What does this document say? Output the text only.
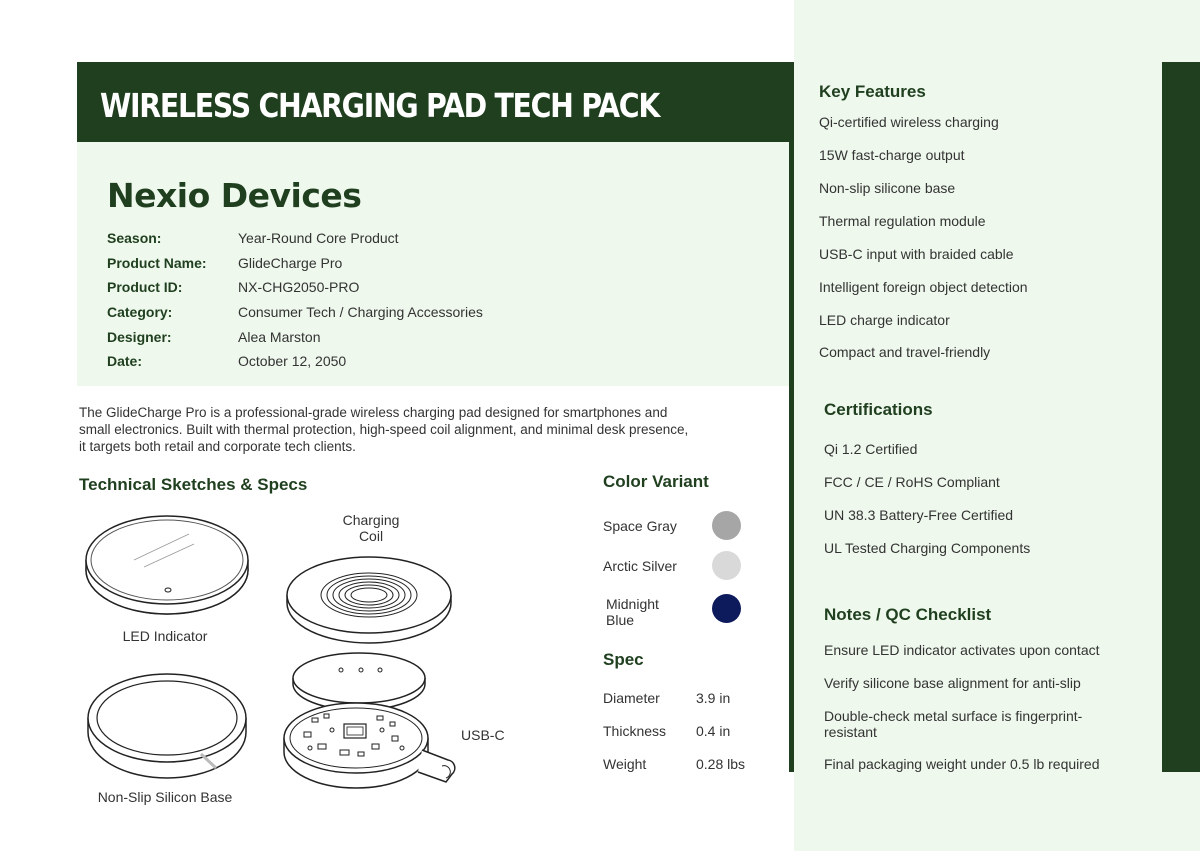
WIRELESS CHARGING PAD TECH PACK
Nexio Devices
Season:	Year-Round Core Product
Product Name: GlideCharge Pro
Product ID:	NX-CHG2050-PRO
Category:	Consumer Tech / Charging Accessories
Designer:	Alea Marston
Date:	October 12, 2050

The GlideCharge Pro is a professional-grade wireless charging pad designed for smartphones and small electronics. Built with thermal protection, high-speed coil alignment, and minimal desk presence, it targets both retail and corporate tech clients.

Technical Sketches & Specs
LED Indicator
Non-Slip Silicon Base
Charging Coil
USB-C
Color Variant
Space Gray
Arctic Silver
Midnight Blue
Spec
Diameter	3.9 in
Thickness 0.4 in
Weight	0.28 lbs
Key Features
Qi-certified wireless charging
15W fast-charge output
Non-slip silicone base
Thermal regulation module
USB-C input with braided cable
Intelligent foreign object detection
LED charge indicator
Compact and travel-friendly
Certifications
Qi 1.2 Certified
FCC / CE / RoHS Compliant
UN 38.3 Battery-Free Certified
UL Tested Charging Components
Notes / QC Checklist
Ensure LED indicator activates upon contact
Verify silicone base alignment for anti-slip
Double-check metal surface is fingerprint-resistant
Final packaging weight under 0.5 lb required
